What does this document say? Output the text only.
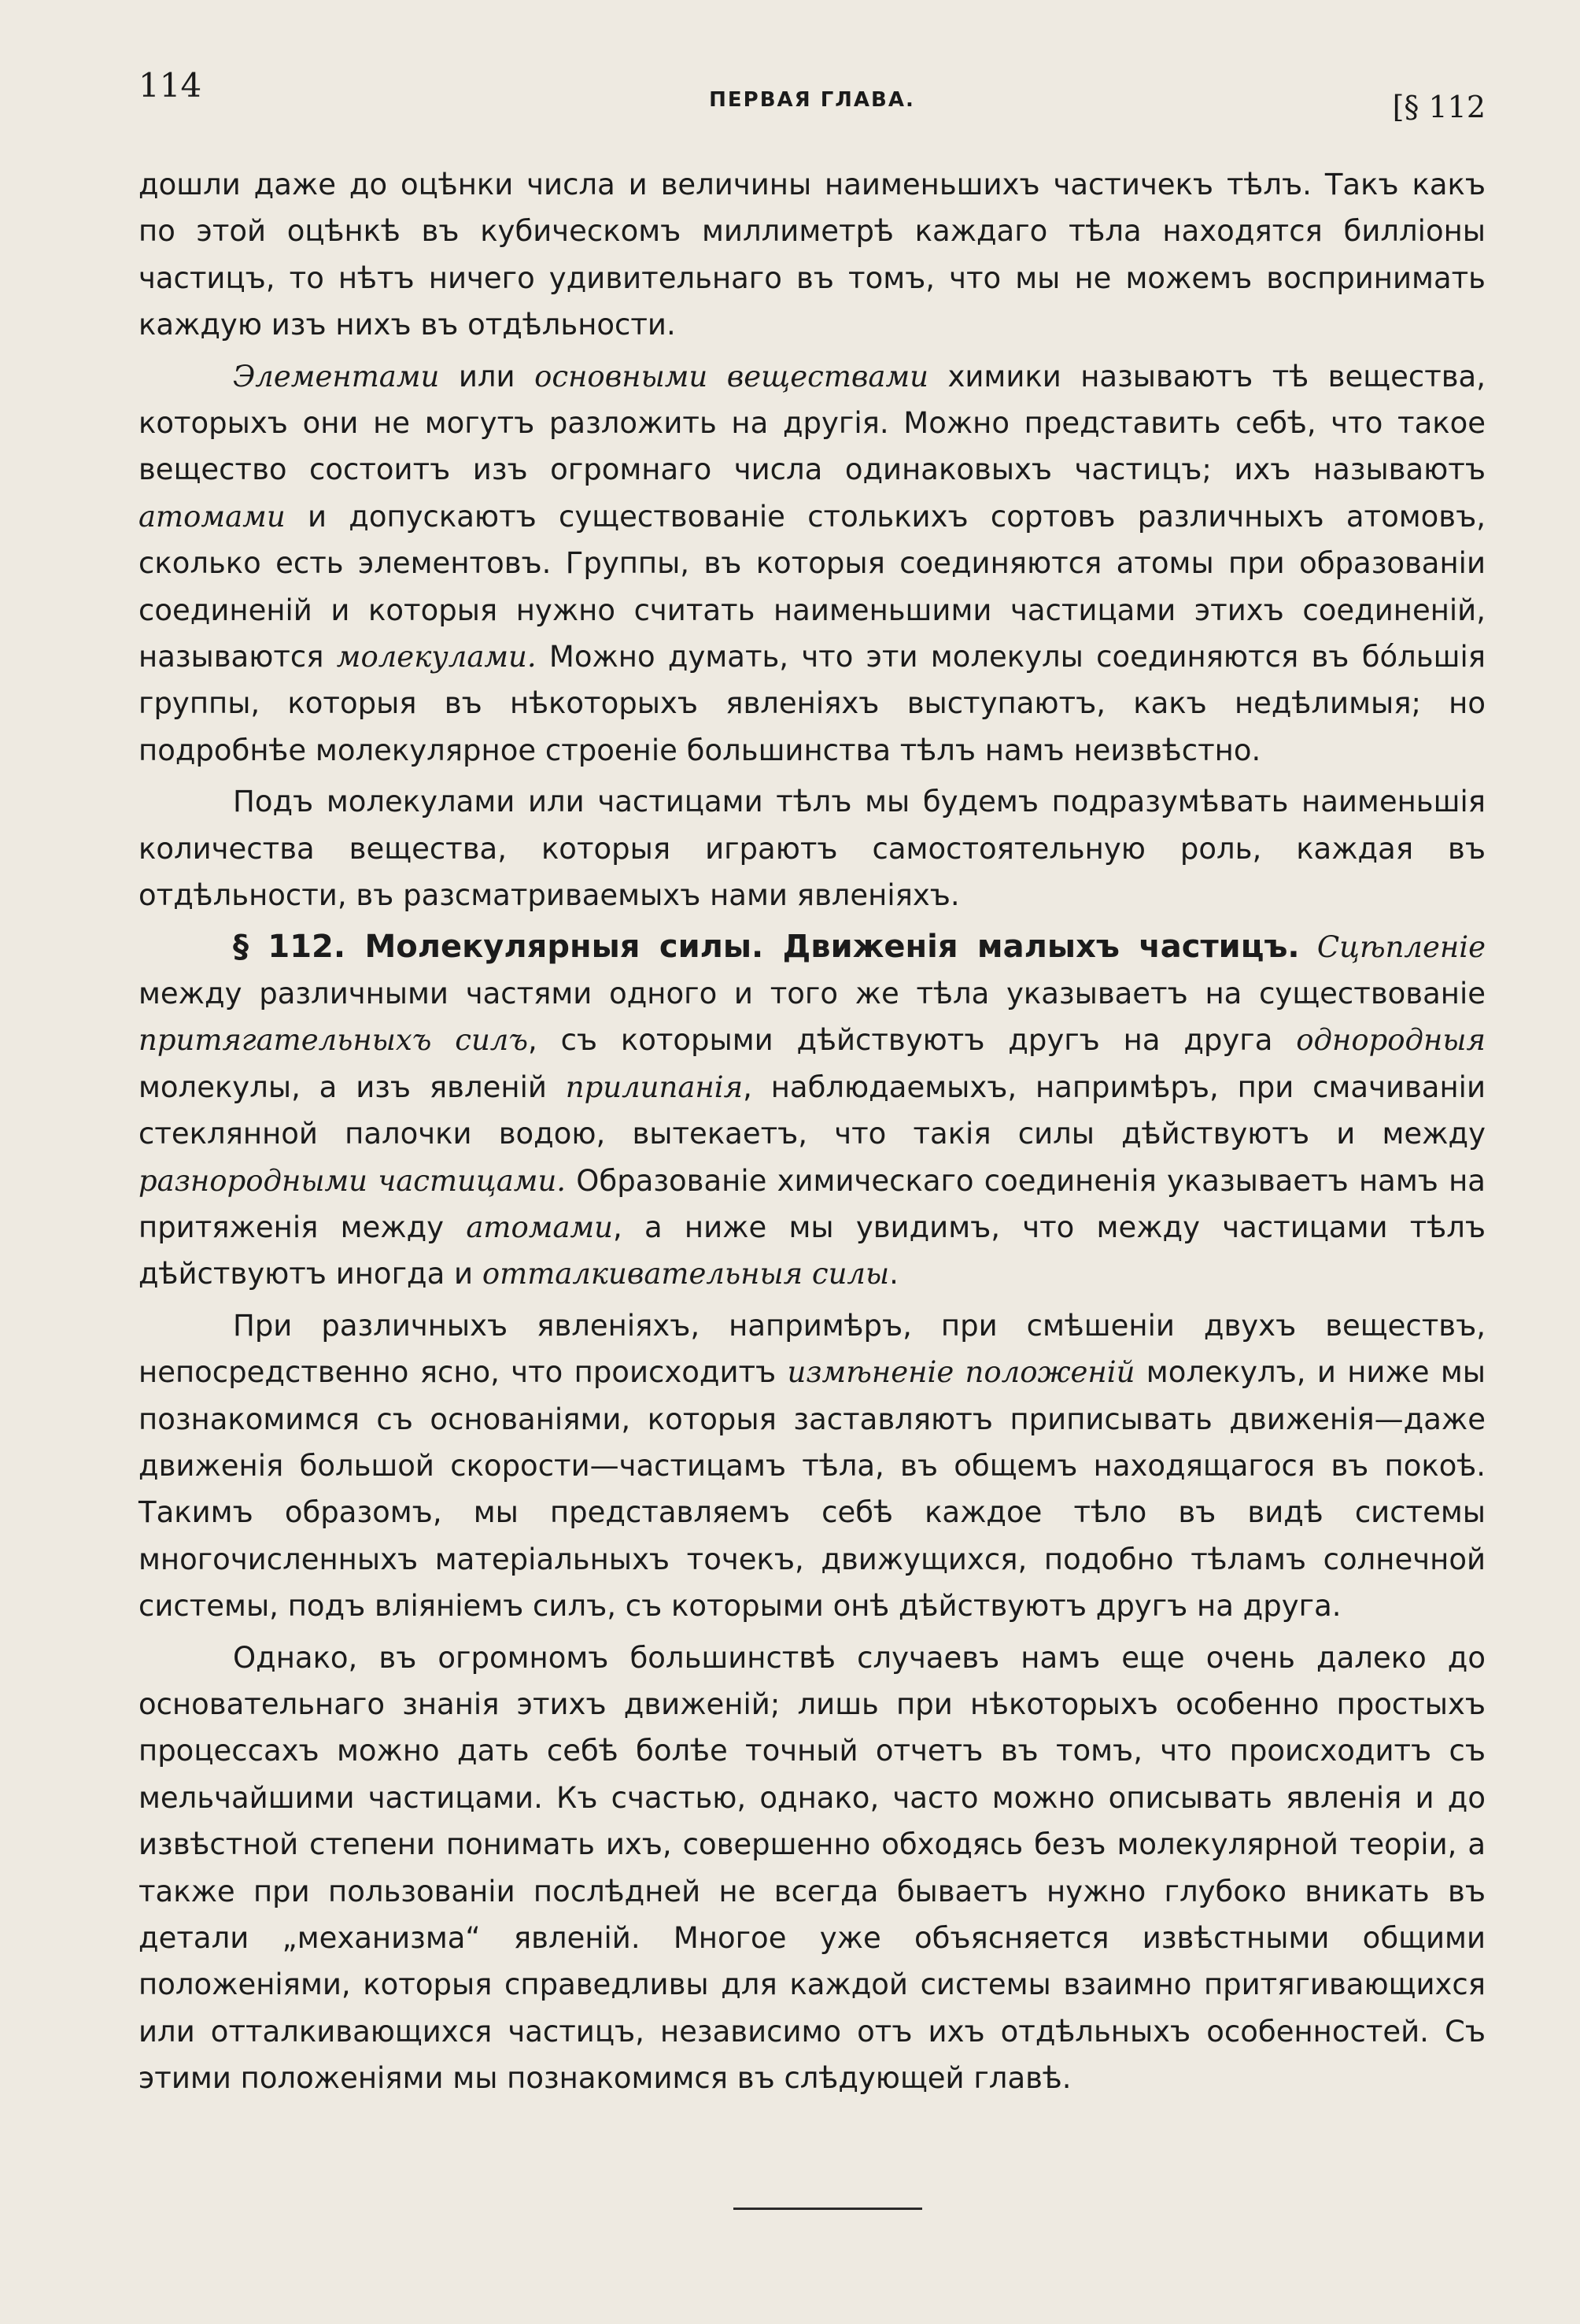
114	ПЕРВАЯ ГЛАВА.	[§ 112

дошли даже до оцѣнки числа и величины наименьшихъ частичекъ тѣлъ. Такъ какъ по этой оцѣнкѣ въ кубическомъ миллиметрѣ каждаго тѣла находятся билліоны частицъ, то нѣтъ ничего удивительнаго въ томъ, что мы не можемъ воспринимать каждую изъ нихъ въ отдѣльности.

Элементами или основными веществами химики называютъ тѣ вещества, которыхъ они не могутъ разложить на другія. Можно представить себѣ, что такое вещество состоитъ изъ огромнаго числа одинаковыхъ частицъ; ихъ называютъ атомами и допускаютъ существованіе столькихъ сортовъ различныхъ атомовъ, сколько есть элементовъ. Группы, въ которыя соединяются атомы при образованіи соединеній и которыя нужно считать наименьшими частицами этихъ соединеній, называются молекулами. Можно думать, что эти молекулы соединяются въ бо́льшія группы, которыя въ нѣкоторыхъ явленіяхъ выступаютъ, какъ недѣлимыя; но подробнѣе молекулярное строеніе большинства тѣлъ намъ неизвѣстно.

Подъ молекулами или частицами тѣлъ мы будемъ подразумѣвать наименьшія количества вещества, которыя играютъ самостоятельную роль, каждая въ отдѣльности, въ разсматриваемыхъ нами явленіяхъ.

§ 112. Молекулярныя силы. Движенія малыхъ частицъ. Сцѣпленіе между различными частями одного и того же тѣла указываетъ на существованіе притягательныхъ силъ, съ которыми дѣйствуютъ другъ на друга однородныя молекулы, а изъ явленій прилипанія, наблюдаемыхъ, напримѣръ, при смачиваніи стеклянной палочки водою, вытекаетъ, что такія силы дѣйствуютъ и между разнородными частицами. Образованіе химическаго соединенія указываетъ намъ на притяженія между атомами, а ниже мы увидимъ, что между частицами тѣлъ дѣйствуютъ иногда и отталкивательныя силы.

При различныхъ явленіяхъ, напримѣръ, при смѣшеніи двухъ веществъ, непосредственно ясно, что происходитъ измѣненіе положеній молекулъ, и ниже мы познакомимся съ основаніями, которыя заставляютъ приписывать движенія—даже движенія большой скорости—частицамъ тѣла, въ общемъ находящагося въ покоѣ. Такимъ образомъ, мы представляемъ себѣ каждое тѣло въ видѣ системы многочисленныхъ матеріальныхъ точекъ, движущихся, подобно тѣламъ солнечной системы, подъ вліяніемъ силъ, съ которыми онѣ дѣйствуютъ другъ на друга.

Однако, въ огромномъ большинствѣ случаевъ намъ еще очень далеко до основательнаго знанія этихъ движеній; лишь при нѣкоторыхъ особенно простыхъ процессахъ можно дать себѣ болѣе точный отчетъ въ томъ, что происходитъ съ мельчайшими частицами. Къ счастью, однако, часто можно описывать явленія и до извѣстной степени понимать ихъ, совершенно обходясь безъ молекулярной теоріи, а также при пользованіи послѣдней не всегда бываетъ нужно глубоко вникать въ детали „механизма“ явленій. Многое уже объясняется извѣстными общими положеніями, которыя справедливы для каждой системы взаимно притягивающихся или отталкивающихся частицъ, независимо отъ ихъ отдѣльныхъ особенностей. Съ этими положеніями мы познакомимся въ слѣдующей главѣ.
